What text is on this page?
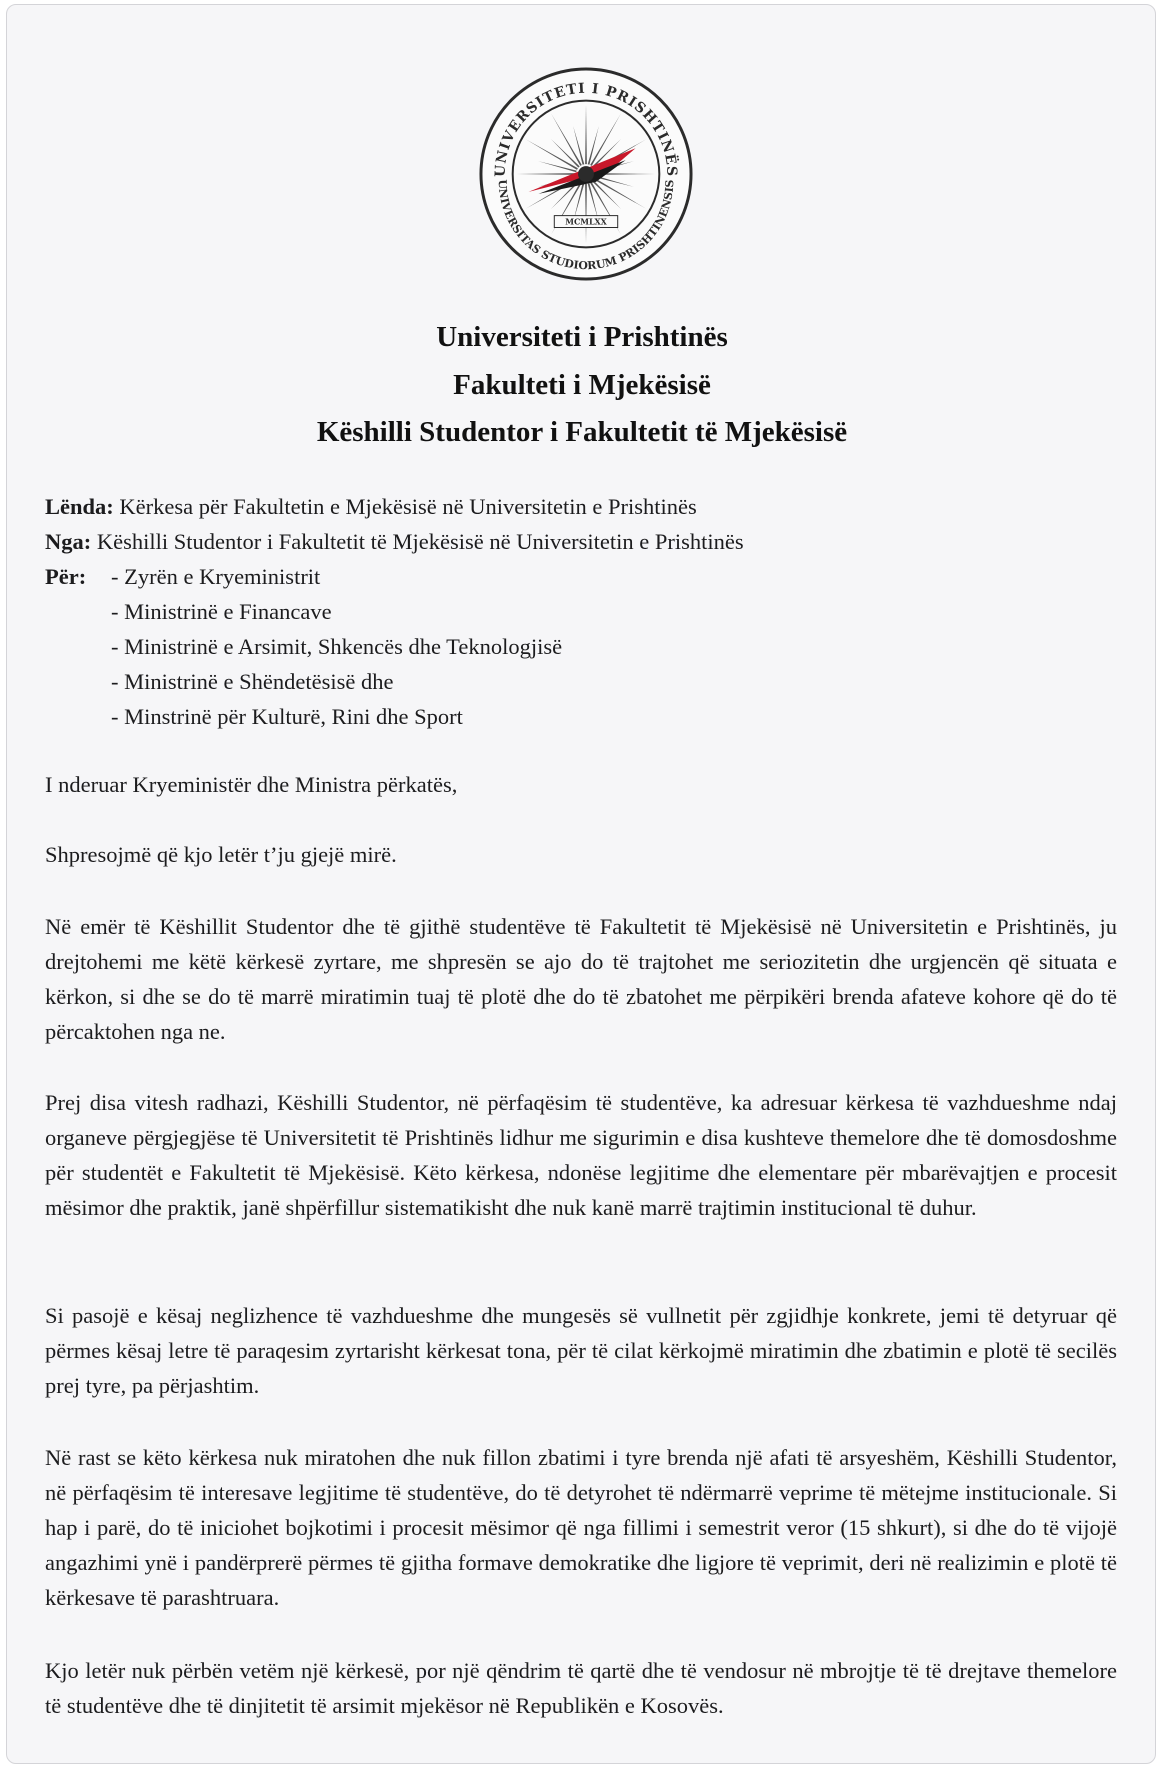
MCMLXX
UNIVERSITETI I PRISHTINËS
UNIVERSITAS STUDIORUM PRISHTINENSIS
Universiteti i Prishtinës
Fakulteti i Mjekësisë
Këshilli Studentor i Fakultetit të Mjekësisë
Lënda: Kërkesa për Fakultetin e Mjekësisë në Universitetin e Prishtinës
Nga: Këshilli Studentor i Fakultetit të Mjekësisë në Universitetin e Prishtinës
Për:	- Zyrën e Kryeministrit
- Ministrinë e Financave
- Ministrinë e Arsimit, Shkencës dhe Teknologjisë
- Ministrinë e Shëndetësisë dhe
- Minstrinë për Kulturë, Rini dhe Sport

I nderuar Kryeministër dhe Ministra përkatës,

Shpresojmë që kjo letër t’ju gjejë mirë.

Në emër të Këshillit Studentor dhe të gjithë studentëve të Fakultetit të Mjekësisë në Universitetin e Prishtinës, ju drejtohemi me këtë kërkesë zyrtare, me shpresën se ajo do të trajtohet me seriozitetin dhe urgjencën që situata e kërkon, si dhe se do të marrë miratimin tuaj të plotë dhe do të zbatohet me përpikëri brenda afateve kohore që do të përcaktohen nga ne.

Prej disa vitesh radhazi, Këshilli Studentor, në përfaqësim të studentëve, ka adresuar kërkesa të vazhdueshme ndaj organeve përgjegjëse të Universitetit të Prishtinës lidhur me sigurimin e disa kushteve themelore dhe të domosdoshme për studentët e Fakultetit të Mjekësisë. Këto kërkesa, ndonëse legjitime dhe elementare për mbarëvajtjen e procesit mësimor dhe praktik, janë shpërfillur sistematikisht dhe nuk kanë marrë trajtimin institucional të duhur.

Si pasojë e kësaj neglizhence të vazhdueshme dhe mungesës së vullnetit për zgjidhje konkrete, jemi të detyruar që përmes kësaj letre të paraqesim zyrtarisht kërkesat tona, për të cilat kërkojmë miratimin dhe zbatimin e plotë të secilës prej tyre, pa përjashtim.

Në rast se këto kërkesa nuk miratohen dhe nuk fillon zbatimi i tyre brenda një afati të arsyeshëm, Këshilli Studentor, në përfaqësim të interesave legjitime të studentëve, do të detyrohet të ndërmarrë veprime të mëtejme institucionale. Si hap i parë, do të iniciohet bojkotimi i procesit mësimor që nga fillimi i semestrit veror (15 shkurt), si dhe do të vijojë angazhimi ynë i pandërprerë përmes të gjitha formave demokratike dhe ligjore të veprimit, deri në realizimin e plotë të kërkesave të parashtruara.

Kjo letër nuk përbën vetëm një kërkesë, por një qëndrim të qartë dhe të vendosur në mbrojtje të të drejtave themelore të studentëve dhe të dinjitetit të arsimit mjekësor në Republikën e Kosovës.
